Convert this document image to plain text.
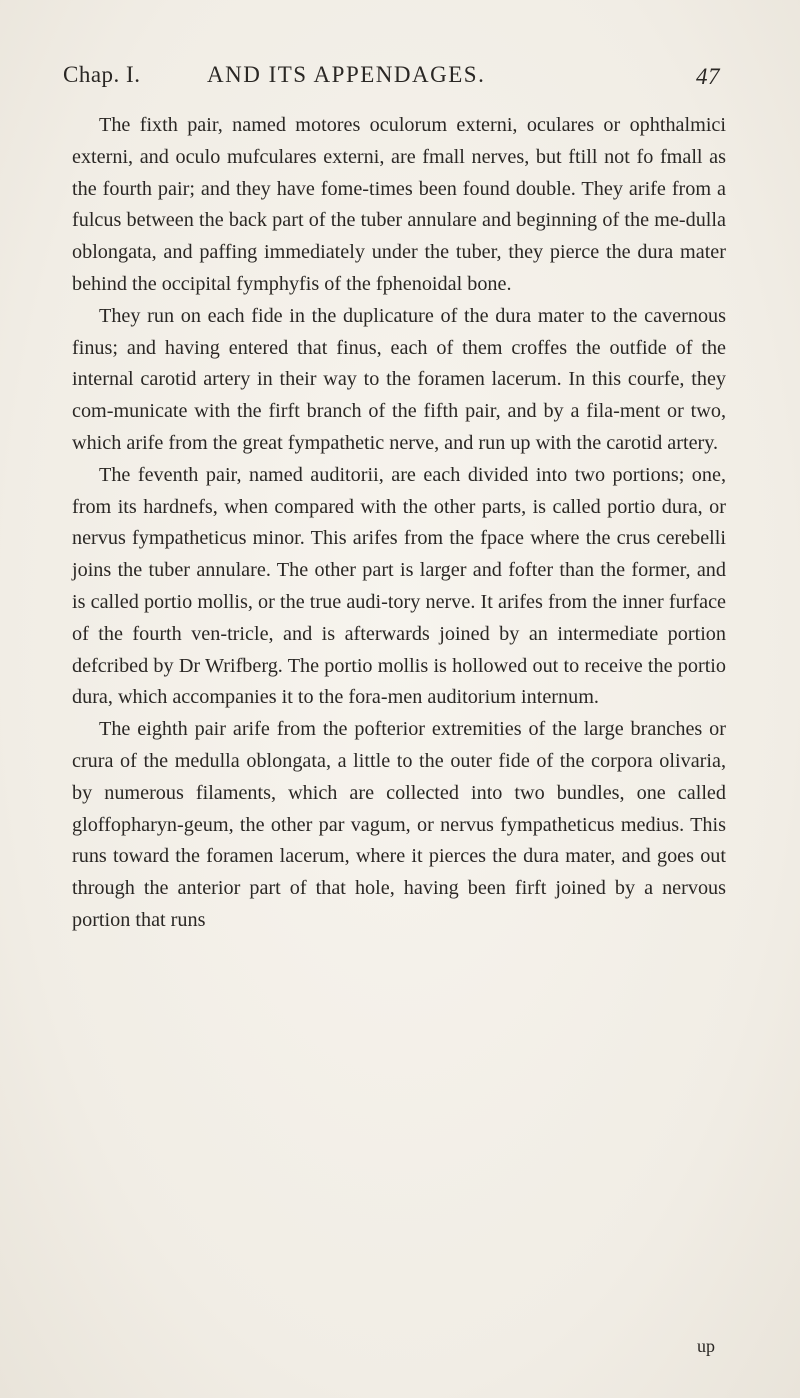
Chap. I.	AND ITS APPENDAGES.	47

The fixth pair, named motores oculorum externi, oculares or ophthalmici externi, and oculo mufculares externi, are fmall nerves, but ftill not fo fmall as the fourth pair; and they have fome-times been found double. They arife from a fulcus between the back part of the tuber annulare and beginning of the me-dulla oblongata, and paffing immediately under the tuber, they pierce the dura mater behind the occipital fymphyfis of the fphenoidal bone.

They run on each fide in the duplicature of the dura mater to the cavernous finus; and having entered that finus, each of them croffes the outfide of the internal carotid artery in their way to the foramen lacerum. In this courfe, they com-municate with the firft branch of the fifth pair, and by a fila-ment or two, which arife from the great fympathetic nerve, and run up with the carotid artery.

The feventh pair, named auditorii, are each divided into two portions; one, from its hardnefs, when compared with the other parts, is called portio dura, or nervus fympatheticus minor. This arifes from the fpace where the crus cerebelli joins the tuber annulare. The other part is larger and fofter than the former, and is called portio mollis, or the true audi-tory nerve. It arifes from the inner furface of the fourth ven-tricle, and is afterwards joined by an intermediate portion defcribed by Dr Wrifberg. The portio mollis is hollowed out to receive the portio dura, which accompanies it to the fora-men auditorium internum.

The eighth pair arife from the pofterior extremities of the large branches or crura of the medulla oblongata, a little to the outer fide of the corpora olivaria, by numerous filaments, which are collected into two bundles, one called gloffopharyn-geum, the other par vagum, or nervus fympatheticus medius. This runs toward the foramen lacerum, where it pierces the dura mater, and goes out through the anterior part of that hole, having been firft joined by a nervous portion that runs

up
